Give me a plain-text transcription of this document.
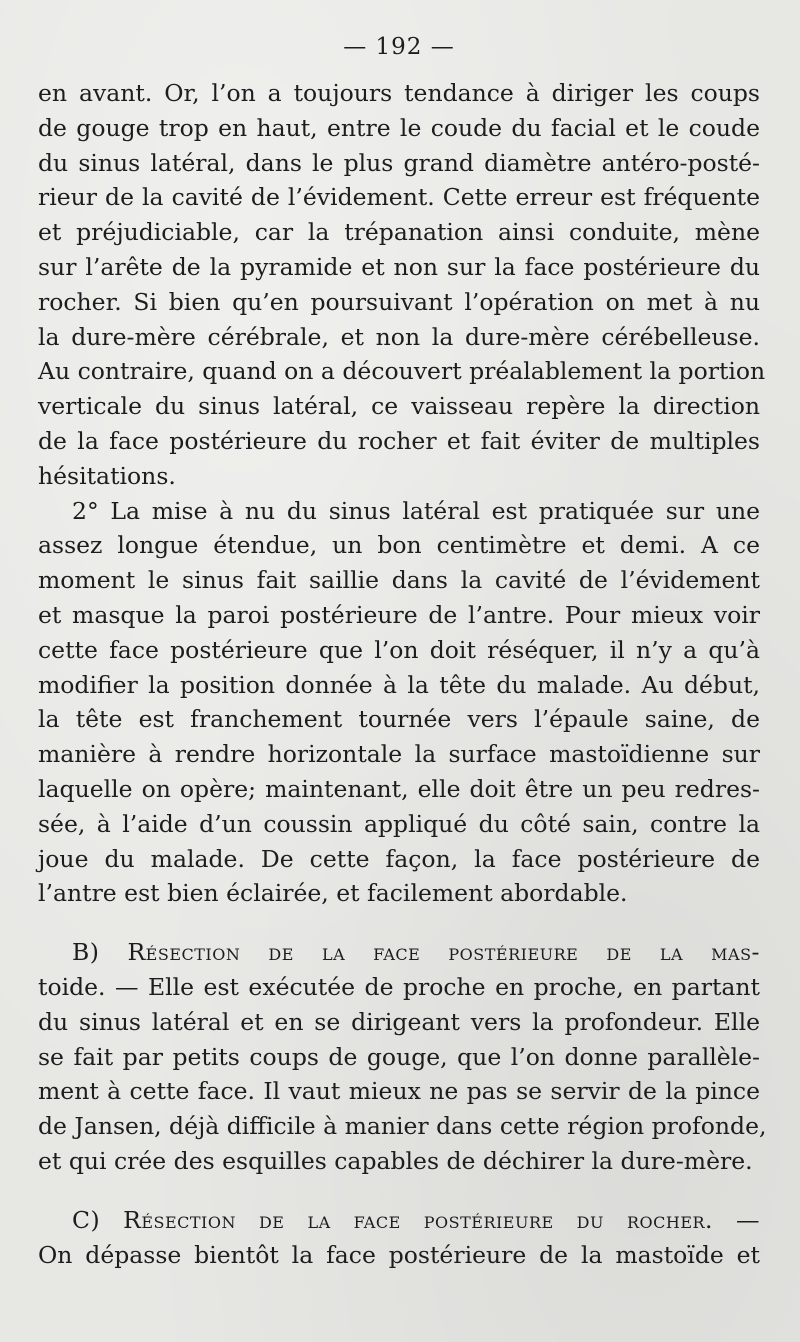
— 192 —
en avant. Or, l’on a toujours tendance à diriger les coups
de gouge trop en haut, entre le coude du facial et le coude
du sinus latéral, dans le plus grand diamètre antéro-posté-
rieur de la cavité de l’évidement. Cette erreur est fréquente
et préjudiciable, car la trépanation ainsi conduite, mène
sur l’arête de la pyramide et non sur la face postérieure du
rocher. Si bien qu’en poursuivant l’opération on met à nu
la dure-mère cérébrale, et non la dure-mère cérébelleuse.
Au contraire, quand on a découvert préalablement la portion
verticale du sinus latéral, ce vaisseau repère la direction
de la face postérieure du rocher et fait éviter de multiples
hésitations.
2° La mise à nu du sinus latéral est pratiquée sur une
assez longue étendue, un bon centimètre et demi. A ce
moment le sinus fait saillie dans la cavité de l’évidement
et masque la paroi postérieure de l’antre. Pour mieux voir
cette face postérieure que l’on doit réséquer, il n’y a qu’à
modifier la position donnée à la tête du malade. Au début,
la tête est franchement tournée vers l’épaule saine, de
manière à rendre horizontale la surface mastoïdienne sur
laquelle on opère; maintenant, elle doit être un peu redres-
sée, à l’aide d’un coussin appliqué du côté sain, contre la
joue du malade. De cette façon, la face postérieure de
l’antre est bien éclairée, et facilement abordable.
B) Résection de la face postérieure de la mas-
toide. — Elle est exécutée de proche en proche, en partant
du sinus latéral et en se dirigeant vers la profondeur. Elle
se fait par petits coups de gouge, que l’on donne parallèle-
ment à cette face. Il vaut mieux ne pas se servir de la pince
de Jansen, déjà difficile à manier dans cette région profonde,
et qui crée des esquilles capables de déchirer la dure-mère.
C) Résection de la face postérieure du rocher. —
On dépasse bientôt la face postérieure de la mastoïde et
